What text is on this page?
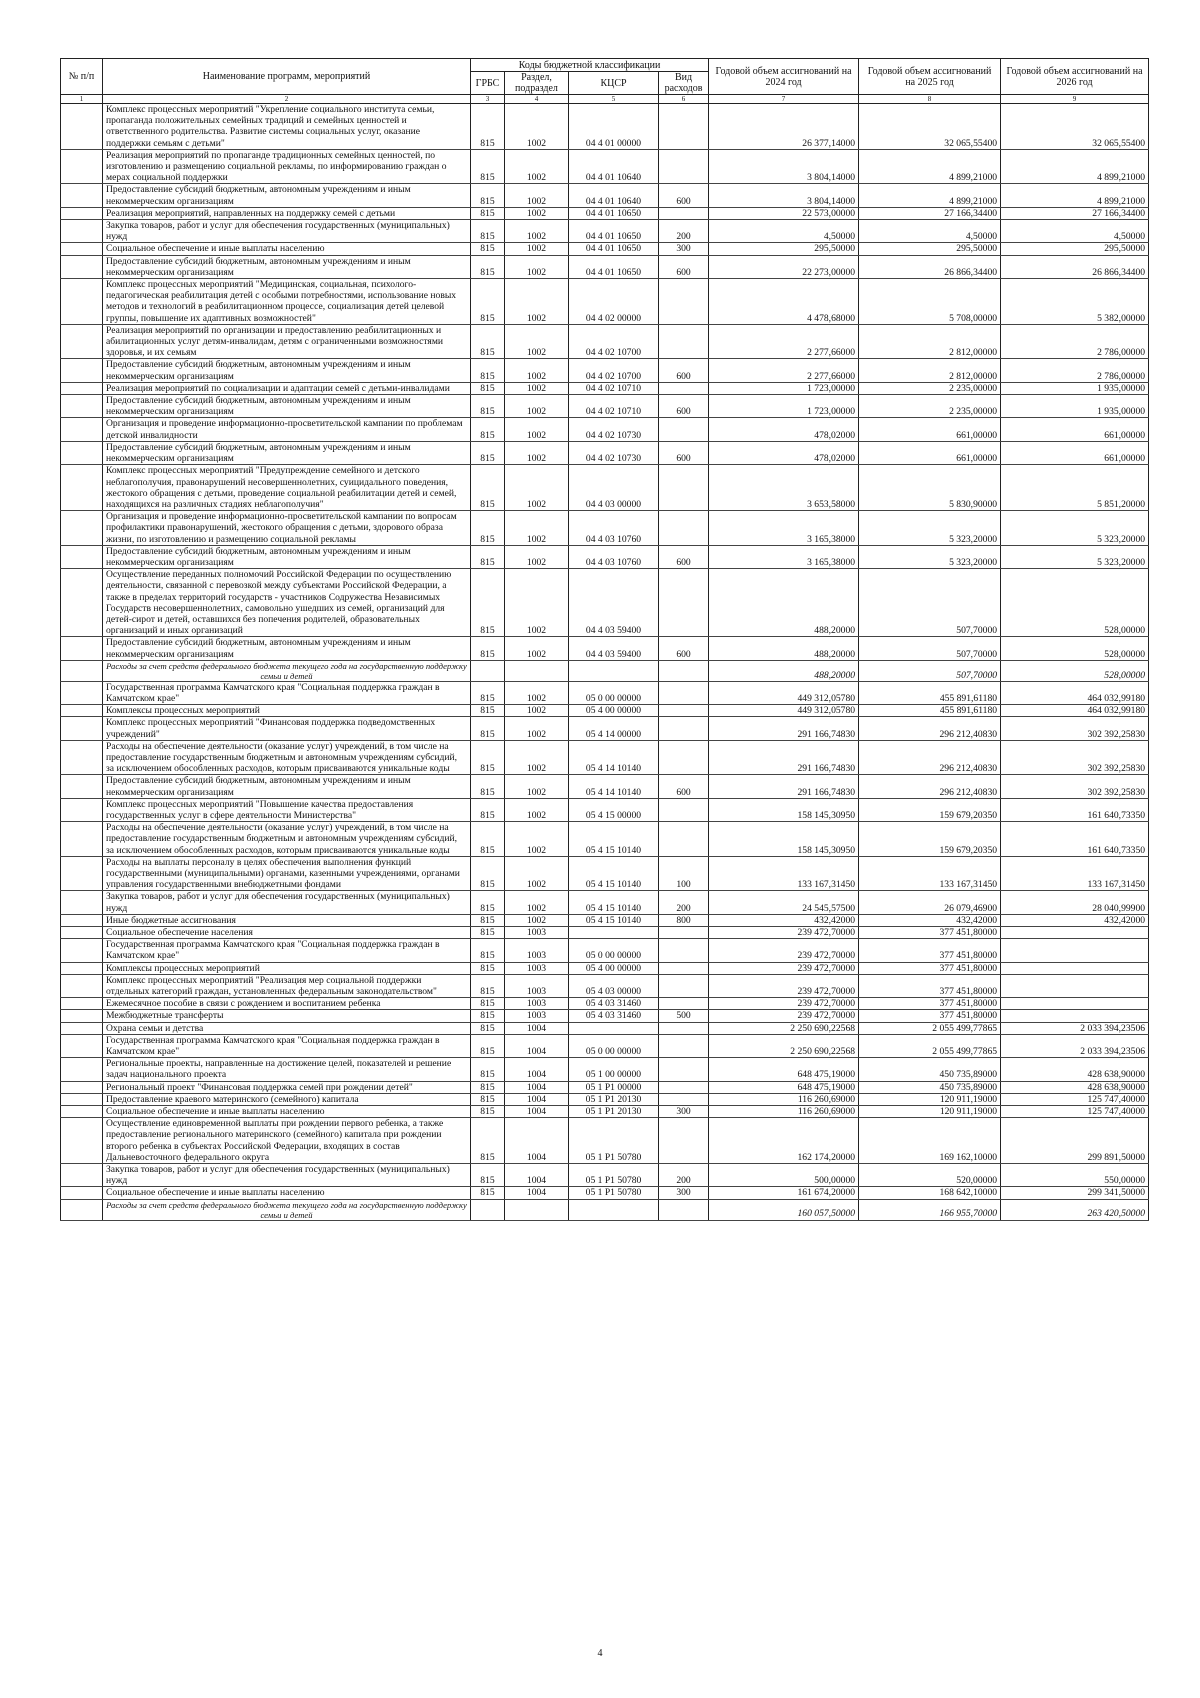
№ п/п	Наименование программ, мероприятий	Коды бюджетной классификации				Годовой объем ассигнований на 2024 год	Годовой объем ассигнований на 2025 год	Годовой объем ассигнований на 2026 год
		ГРБС	Раздел, подраздел	КЦСР	Вид расходов			
1	2	3	4	5	6	7	8	9
	Комплекс процессных мероприятий "Укрепление социального института семьи, пропаганда положительных семейных традиций и семейных ценностей и ответственного родительства. Развитие системы социальных услуг, оказание поддержки семьям с детьми"	815	1002	04 4 01 00000		26 377,14000	32 065,55400	32 065,55400
	Реализация мероприятий по пропаганде традиционных семейных ценностей, по изготовлению и размещению социальной рекламы, по информированию граждан о мерах социальной поддержки	815	1002	04 4 01 10640		3 804,14000	4 899,21000	4 899,21000
	Предоставление субсидий бюджетным, автономным учреждениям и иным некоммерческим организациям	815	1002	04 4 01 10640	600	3 804,14000	4 899,21000	4 899,21000
	Реализация мероприятий, направленных на поддержку семей с детьми	815	1002	04 4 01 10650		22 573,00000	27 166,34400	27 166,34400
	Закупка товаров, работ и услуг для обеспечения государственных (муниципальных) нужд	815	1002	04 4 01 10650	200	4,50000	4,50000	4,50000
	Социальное обеспечение и иные выплаты населению	815	1002	04 4 01 10650	300	295,50000	295,50000	295,50000
	Предоставление субсидий бюджетным, автономным учреждениям и иным некоммерческим организациям	815	1002	04 4 01 10650	600	22 273,00000	26 866,34400	26 866,34400
	Комплекс процессных мероприятий "Медицинская, социальная, психолого-педагогическая реабилитация детей с особыми потребностями, использование новых методов и технологий в реабилитационном процессе, социализация детей целевой группы, повышение их адаптивных возможностей"	815	1002	04 4 02 00000		4 478,68000	5 708,00000	5 382,00000
	Реализация мероприятий по организации и предоставлению реабилитационных и абилитационных услуг детям-инвалидам, детям с ограниченными возможностями здоровья, и их семьям	815	1002	04 4 02 10700		2 277,66000	2 812,00000	2 786,00000
	Предоставление субсидий бюджетным, автономным учреждениям и иным некоммерческим организациям	815	1002	04 4 02 10700	600	2 277,66000	2 812,00000	2 786,00000
	Реализация мероприятий по социализации и адаптации семей с детьми-инвалидами	815	1002	04 4 02 10710		1 723,00000	2 235,00000	1 935,00000
	Предоставление субсидий бюджетным, автономным учреждениям и иным некоммерческим организациям	815	1002	04 4 02 10710	600	1 723,00000	2 235,00000	1 935,00000
	Организация и проведение информационно-просветительской кампании по проблемам детской инвалидности	815	1002	04 4 02 10730		478,02000	661,00000	661,00000
	Предоставление субсидий бюджетным, автономным учреждениям и иным некоммерческим организациям	815	1002	04 4 02 10730	600	478,02000	661,00000	661,00000
	Комплекс процессных мероприятий "Предупреждение семейного и детского неблагополучия, правонарушений несовершеннолетних, суицидального поведения, жестокого обращения с детьми, проведение социальной реабилитации детей и семей, находящихся на различных стадиях неблагополучия"	815	1002	04 4 03 00000		3 653,58000	5 830,90000	5 851,20000
	Организация и проведение информационно-просветительской кампании по вопросам профилактики правонарушений, жестокого обращения с детьми, здорового образа жизни, по изготовлению и размещению социальной рекламы	815	1002	04 4 03 10760		3 165,38000	5 323,20000	5 323,20000
	Предоставление субсидий бюджетным, автономным учреждениям и иным некоммерческим организациям	815	1002	04 4 03 10760	600	3 165,38000	5 323,20000	5 323,20000
	Осуществление переданных полномочий Российской Федерации по осуществлению деятельности, связанной с перевозкой между субъектами Российской Федерации, а также в пределах территорий государств - участников Содружества Независимых Государств несовершеннолетних, самовольно ушедших из семей, организаций для детей-сирот и детей, оставшихся без попечения родителей, образовательных организаций и иных организаций	815	1002	04 4 03 59400		488,20000	507,70000	528,00000
	Предоставление субсидий бюджетным, автономным учреждениям и иным некоммерческим организациям	815	1002	04 4 03 59400	600	488,20000	507,70000	528,00000
	Расходы за счет средств федерального бюджета текущего года на государственную поддержку семьи и детей					488,20000	507,70000	528,00000
	Государственная программа Камчатского края "Социальная поддержка граждан в Камчатском крае"	815	1002	05 0 00 00000		449 312,05780	455 891,61180	464 032,99180
	Комплексы процессных мероприятий	815	1002	05 4 00 00000		449 312,05780	455 891,61180	464 032,99180
	Комплекс процессных мероприятий "Финансовая поддержка подведомственных учреждений"	815	1002	05 4 14 00000		291 166,74830	296 212,40830	302 392,25830
	Расходы на обеспечение деятельности (оказание услуг) учреждений, в том числе на предоставление государственным бюджетным и автономным учреждениям субсидий, за исключением обособленных расходов, которым присваиваются уникальные коды	815	1002	05 4 14 10140		291 166,74830	296 212,40830	302 392,25830
	Предоставление субсидий бюджетным, автономным учреждениям и иным некоммерческим организациям	815	1002	05 4 14 10140	600	291 166,74830	296 212,40830	302 392,25830
	Комплекс процессных мероприятий "Повышение качества предоставления государственных услуг в сфере деятельности Министерства"	815	1002	05 4 15 00000		158 145,30950	159 679,20350	161 640,73350
	Расходы на обеспечение деятельности (оказание услуг) учреждений, в том числе на предоставление государственным бюджетным и автономным учреждениям субсидий, за исключением обособленных расходов, которым присваиваются уникальные коды	815	1002	05 4 15 10140		158 145,30950	159 679,20350	161 640,73350
	Расходы на выплаты персоналу в целях обеспечения выполнения функций государственными (муниципальными) органами, казенными учреждениями, органами управления государственными внебюджетными фондами	815	1002	05 4 15 10140	100	133 167,31450	133 167,31450	133 167,31450
	Закупка товаров, работ и услуг для обеспечения государственных (муниципальных) нужд	815	1002	05 4 15 10140	200	24 545,57500	26 079,46900	28 040,99900
	Иные бюджетные ассигнования	815	1002	05 4 15 10140	800	432,42000	432,42000	432,42000
	Социальное обеспечение населения	815	1003			239 472,70000	377 451,80000	
	Государственная программа Камчатского края "Социальная поддержка граждан в Камчатском крае"	815	1003	05 0 00 00000		239 472,70000	377 451,80000	
	Комплексы процессных мероприятий	815	1003	05 4 00 00000		239 472,70000	377 451,80000	
	Комплекс процессных мероприятий "Реализация мер социальной поддержки отдельных категорий граждан, установленных федеральным законодательством"	815	1003	05 4 03 00000		239 472,70000	377 451,80000	
	Ежемесячное пособие в связи с рождением и воспитанием ребенка	815	1003	05 4 03 31460		239 472,70000	377 451,80000	
	Межбюджетные трансферты	815	1003	05 4 03 31460	500	239 472,70000	377 451,80000	
	Охрана семьи и детства	815	1004			2 250 690,22568	2 055 499,77865	2 033 394,23506
	Государственная программа Камчатского края "Социальная поддержка граждан в Камчатском крае"	815	1004	05 0 00 00000		2 250 690,22568	2 055 499,77865	2 033 394,23506
	Региональные проекты, направленные на достижение целей, показателей и решение задач национального проекта	815	1004	05 1 00 00000		648 475,19000	450 735,89000	428 638,90000
	Региональный проект "Финансовая поддержка семей при рождении детей"	815	1004	05 1 P1 00000		648 475,19000	450 735,89000	428 638,90000
	Предоставление краевого материнского (семейного) капитала	815	1004	05 1 P1 20130		116 260,69000	120 911,19000	125 747,40000
	Социальное обеспечение и иные выплаты населению	815	1004	05 1 P1 20130	300	116 260,69000	120 911,19000	125 747,40000
	Осуществление единовременной выплаты при рождении первого ребенка, а также предоставление регионального материнского (семейного) капитала при рождении второго ребенка в субъектах Российской Федерации, входящих в состав Дальневосточного федерального округа	815	1004	05 1 P1 50780		162 174,20000	169 162,10000	299 891,50000
	Закупка товаров, работ и услуг для обеспечения государственных (муниципальных) нужд	815	1004	05 1 P1 50780	200	500,00000	520,00000	550,00000
	Социальное обеспечение и иные выплаты населению	815	1004	05 1 P1 50780	300	161 674,20000	168 642,10000	299 341,50000
	Расходы за счет средств федерального бюджета текущего года на государственную поддержку семьи и детей					160 057,50000	166 955,70000	263 420,50000
4
